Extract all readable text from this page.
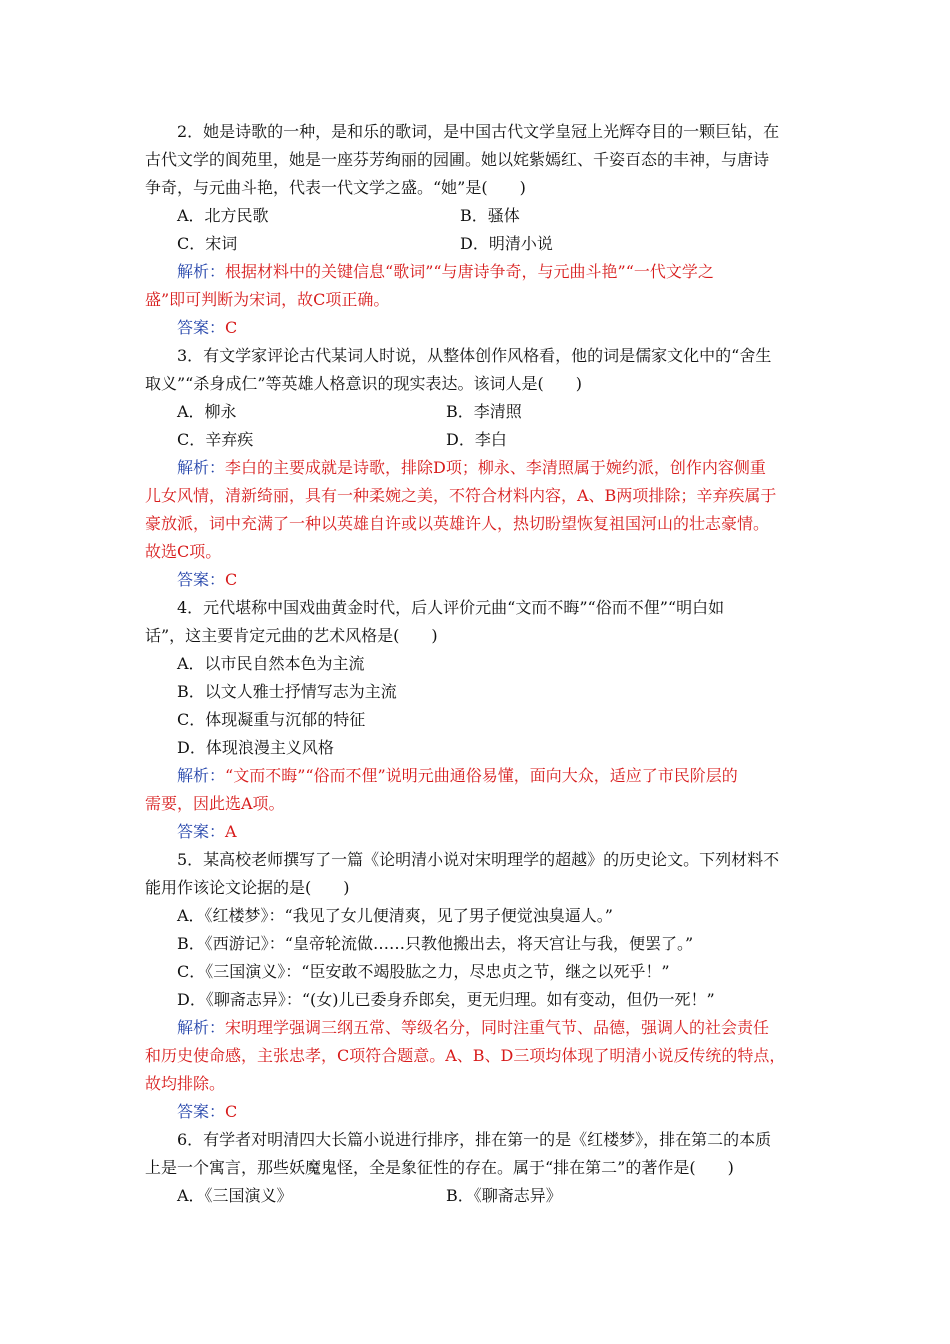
2．她是诗歌的一种，是和乐的歌词，是中国古代文学皇冠上光辉夺目的一颗巨钻，在
古代文学的阆苑里，她是一座芬芳绚丽的园圃。她以姹紫嫣红、千姿百态的丰神，与唐诗
争奇，与元曲斗艳，代表一代文学之盛。“她”是(　　)
A．北方民歌	B．骚体
C．宋词	D．明清小说
解析：根据材料中的关键信息“歌词”“与唐诗争奇，与元曲斗艳”“一代文学之
盛”即可判断为宋词，故C项正确。
答案：C
3．有文学家评论古代某词人时说，从整体创作风格看，他的词是儒家文化中的“舍生
取义”“杀身成仁”等英雄人格意识的现实表达。该词人是(　　)
A．柳永	B．李清照
C．辛弃疾	D．李白
解析：李白的主要成就是诗歌，排除D项；柳永、李清照属于婉约派，创作内容侧重
儿女风情，清新绮丽，具有一种柔婉之美，不符合材料内容，A、B两项排除；辛弃疾属于
豪放派，词中充满了一种以英雄自许或以英雄许人，热切盼望恢复祖国河山的壮志豪情。
故选C项。
答案：C
4．元代堪称中国戏曲黄金时代，后人评价元曲“文而不晦”“俗而不俚”“明白如
话”，这主要肯定元曲的艺术风格是(　　)
A．以市民自然本色为主流
B．以文人雅士抒情写志为主流
C．体现凝重与沉郁的特征
D．体现浪漫主义风格
解析：“文而不晦”“俗而不俚”说明元曲通俗易懂，面向大众，适应了市民阶层的
需要，因此选A项。
答案：A
5．某高校老师撰写了一篇《论明清小说对宋明理学的超越》的历史论文。下列材料不
能用作该论文论据的是(　　)
A．《红楼梦》：“我见了女儿便清爽，见了男子便觉浊臭逼人。”
B．《西游记》：“皇帝轮流做……只教他搬出去，将天宫让与我，便罢了。”
C．《三国演义》：“臣安敢不竭股肱之力，尽忠贞之节，继之以死乎！”
D．《聊斋志异》：“(女)儿已委身乔郎矣，更无归理。如有变动，但仍一死！”
解析：宋明理学强调三纲五常、等级名分，同时注重气节、品德，强调人的社会责任
和历史使命感，主张忠孝，C项符合题意。A、B、D三项均体现了明清小说反传统的特点，
故均排除。
答案：C
6．有学者对明清四大长篇小说进行排序，排在第一的是《红楼梦》，排在第二的本质
上是一个寓言，那些妖魔鬼怪，全是象征性的存在。属于“排在第二”的著作是(　　)
A．《三国演义》	B．《聊斋志异》
